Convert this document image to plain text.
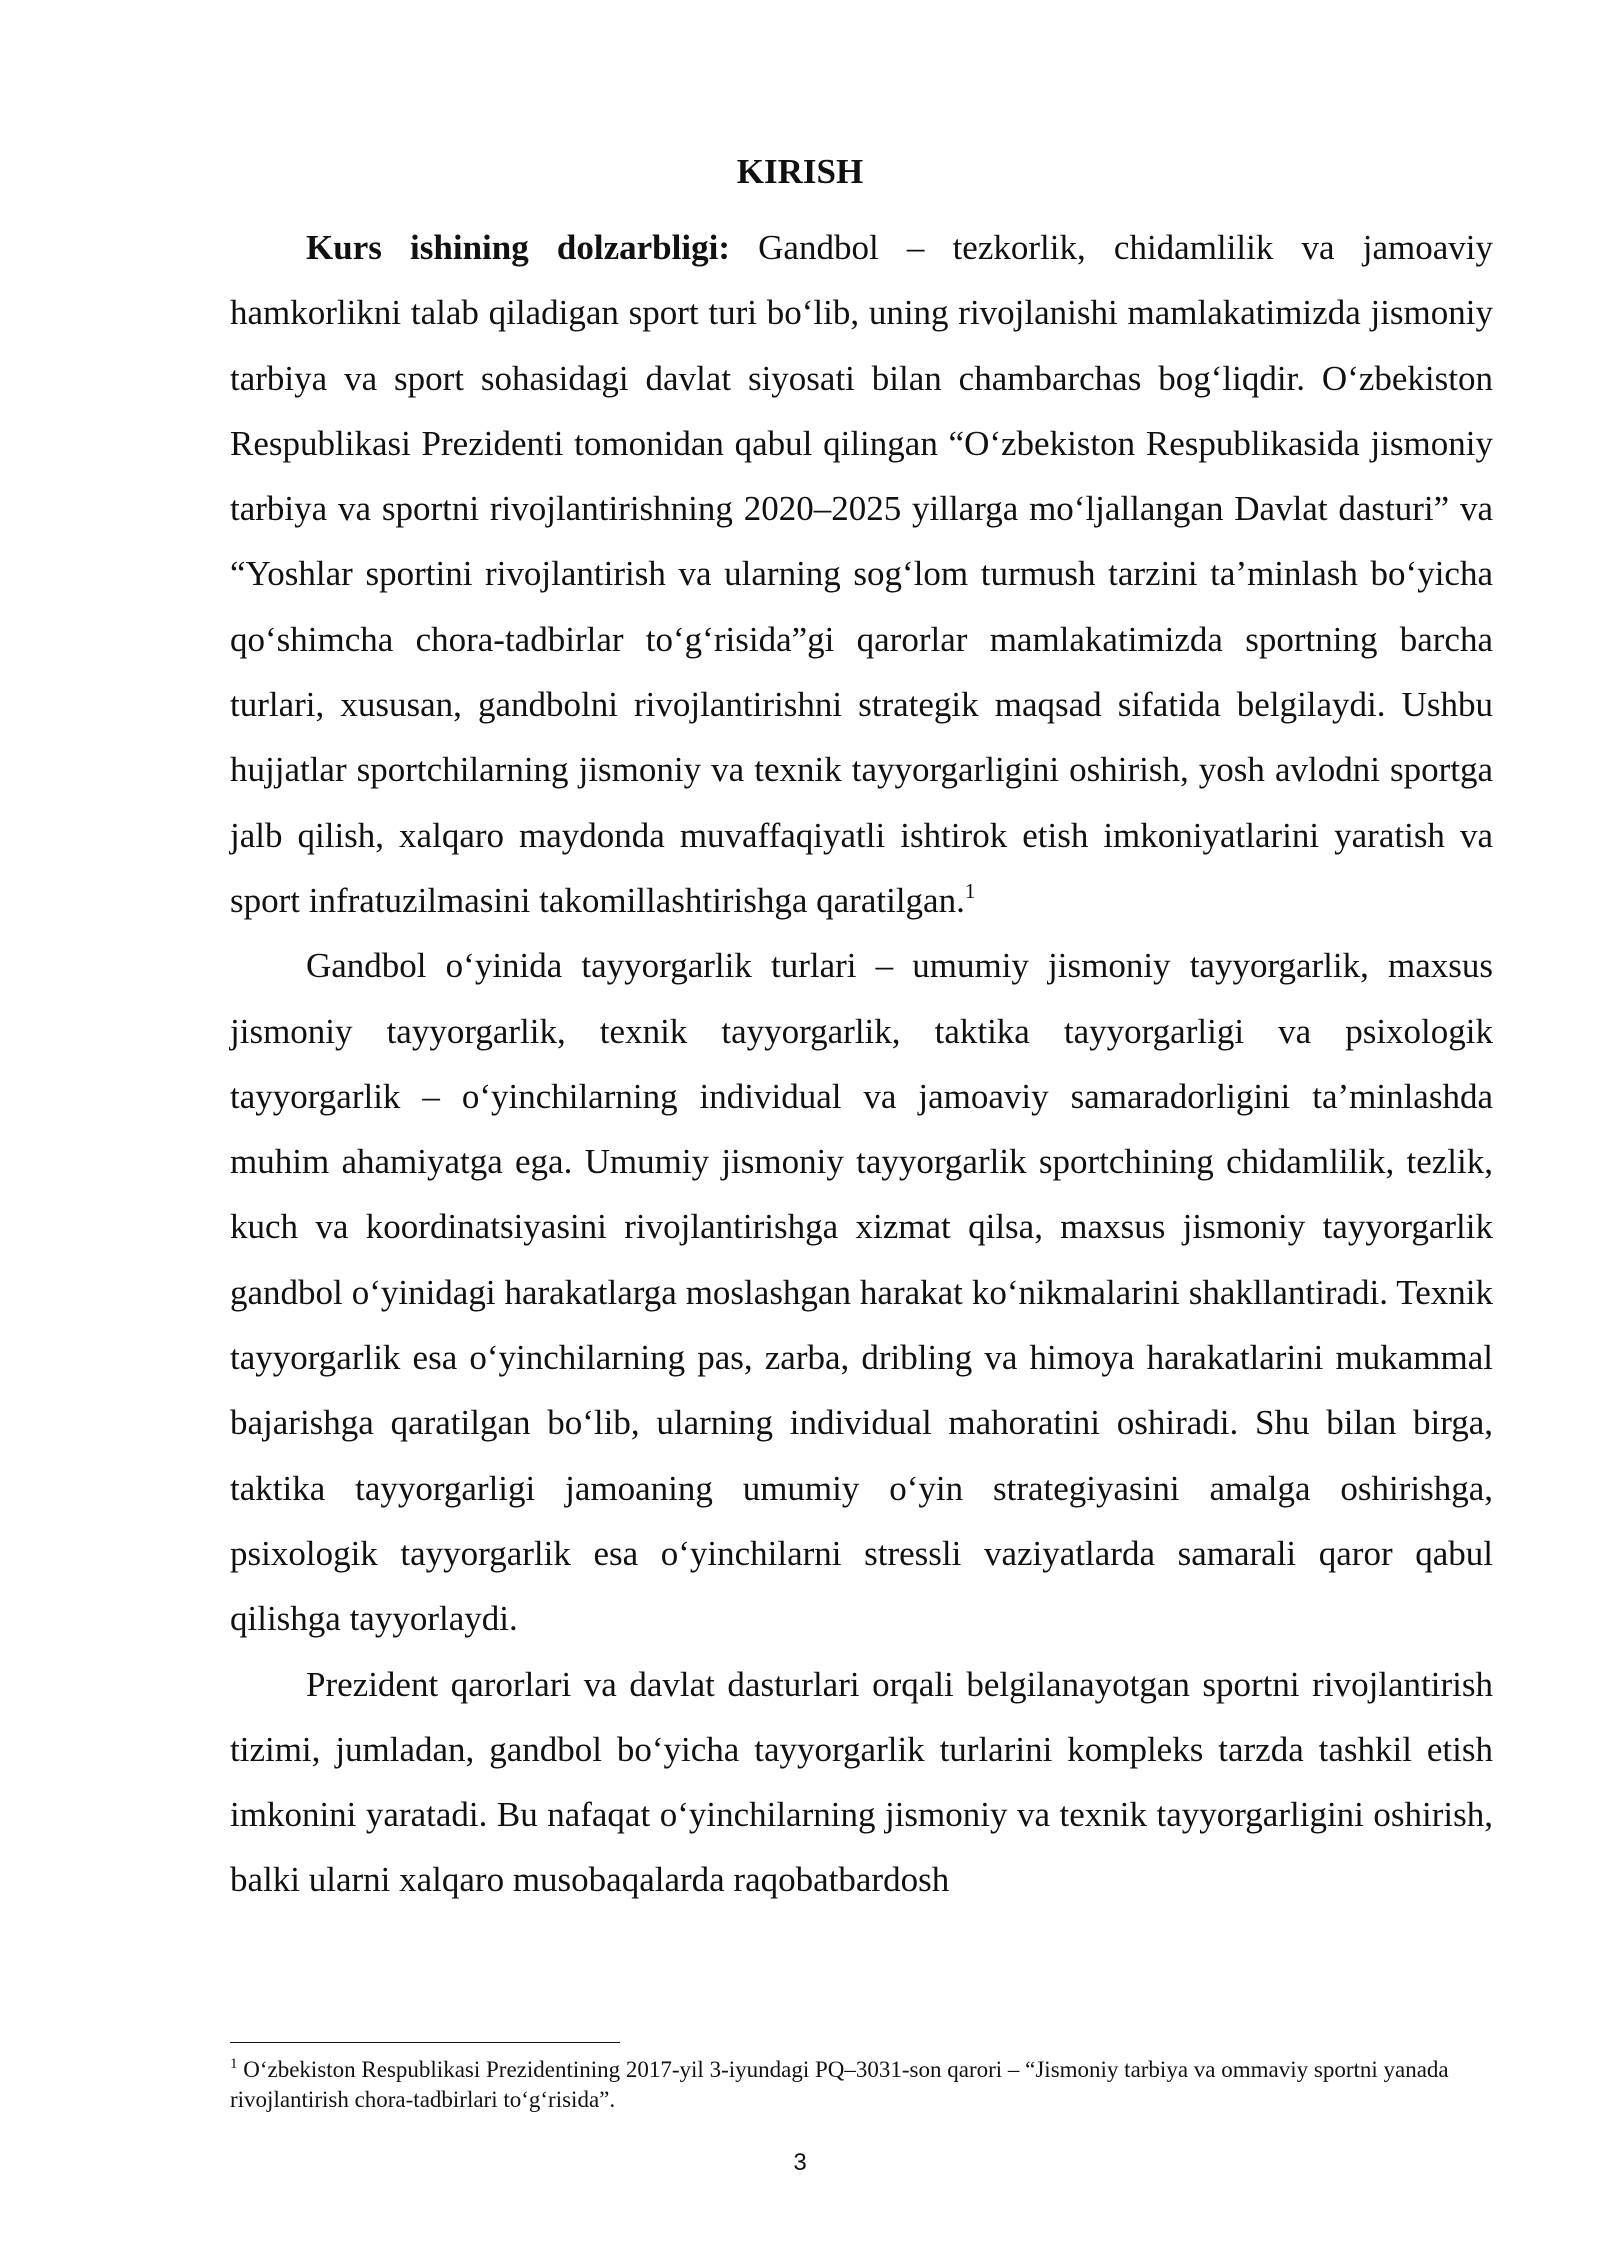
KIRISH

Kurs ishining dolzarbligi: Gandbol – tezkorlik, chidamlilik va jamoaviy hamkorlikni talab qiladigan sport turi bo‘lib, uning rivojlanishi mamlakatimizda jismoniy tarbiya va sport sohasidagi davlat siyosati bilan chambarchas bog‘liqdir. O‘zbekiston Respublikasi Prezidenti tomonidan qabul qilingan “O‘zbekiston Respublikasida jismoniy tarbiya va sportni rivojlantirishning 2020–2025 yillarga mo‘ljallangan Davlat dasturi” va “Yoshlar sportini rivojlantirish va ularning sog‘lom turmush tarzini ta’minlash bo‘yicha qo‘shimcha chora-tadbirlar to‘g‘risida”gi qarorlar mamlakatimizda sportning barcha turlari, xususan, gandbolni rivojlantirishni strategik maqsad sifatida belgilaydi. Ushbu hujjatlar sportchilarning jismoniy va texnik tayyorgarligini oshirish, yosh avlodni sportga jalb qilish, xalqaro maydonda muvaffaqiyatli ishtirok etish imkoniyatlarini yaratish va sport infratuzilmasini takomillashtirishga qaratilgan.$^1$

Gandbol o‘yinida tayyorgarlik turlari – umumiy jismoniy tayyorgarlik, maxsus jismoniy tayyorgarlik, texnik tayyorgarlik, taktika tayyorgarligi va psixologik tayyorgarlik – o‘yinchilarning individual va jamoaviy samaradorligini ta’minlashda muhim ahamiyatga ega. Umumiy jismoniy tayyorgarlik sportchining chidamlilik, tezlik, kuch va koordinatsiyasini rivojlantirishga xizmat qilsa, maxsus jismoniy tayyorgarlik gandbol o‘yinidagi harakatlarga moslashgan harakat ko‘nikmalarini shakllantiradi. Texnik tayyorgarlik esa o‘yinchilarning pas, zarba, dribling va himoya harakatlarini mukammal bajarishga qaratilgan bo‘lib, ularning individual mahoratini oshiradi. Shu bilan birga, taktika tayyorgarligi jamoaning umumiy o‘yin strategiyasini amalga oshirishga, psixologik tayyorgarlik esa o‘yinchilarni stressli vaziyatlarda samarali qaror qabul qilishga tayyorlaydi.

Prezident qarorlari va davlat dasturlari orqali belgilanayotgan sportni rivojlantirish tizimi, jumladan, gandbol bo‘yicha tayyorgarlik turlarini kompleks tarzda tashkil etish imkonini yaratadi. Bu nafaqat o‘yinchilarning jismoniy va texnik tayyorgarligini oshirish, balki ularni xalqaro musobaqalarda raqobatbardosh

$^1$ O‘zbekiston Respublikasi Prezidentining 2017-yil 3-iyundagi PQ–3031-son qarori – “Jismoniy tarbiya va ommaviy sportni yanada rivojlantirish chora-tadbirlari to‘g‘risida”.

3
